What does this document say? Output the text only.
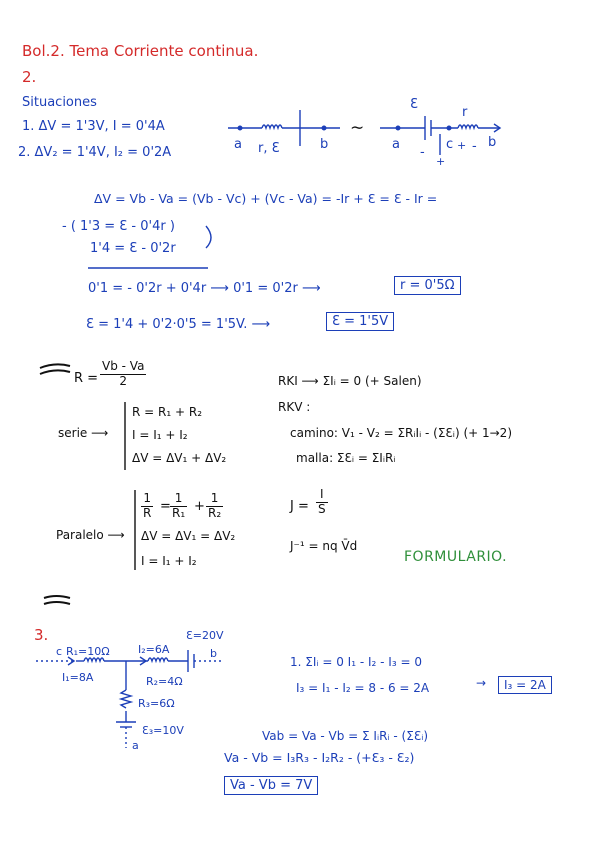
Bol.2. Tema Corriente continua.
2.
Situaciones
1. ΔV = 1'3V, I = 0'4A
2. ΔV₂ = 1'4V, I₂ = 0'2A
a r, Ɛ	b
∼
Ɛ
r
a
-
+
c + - b
ΔV = Vb - Va = (Vb - Vc) + (Vc - Va) = -Ir + Ɛ = Ɛ - Ir =
- ( 1'3 = Ɛ - 0'4r )
1'4 = Ɛ - 0'2r
0'1 = - 0'2r + 0'4r ⟶ 0'1 = 0'2r ⟶	r = 0'5Ω
Ɛ = 1'4 + 0'2·0'5 = 1'5V. ⟶	Ɛ = 1'5V
$R = \frac{Vb - Va}{2}$
serie ⟶
R = R₁ + R₂
I = I₁ + I₂
ΔV = ΔV₁ + ΔV₂
Paralelo ⟶
$\frac{1}{R} = \frac{1}{\text{R₁}} + \frac{1}{\text{R₂}}$
ΔV = ΔV₁ = ΔV₂
I = I₁ + I₂
RKI ⟶ ΣIᵢ = 0 (+ Salen)
RKV :
camino: V₁ - V₂ = ΣRᵢIᵢ - (ΣƐᵢ) (+ 1→2)
malla: ΣƐᵢ = ΣIᵢRᵢ
$J = \frac{I}{S}$
J⁻¹ = nq V̄d
FORMULARIO.
3.
c R₁=10Ω	I₂=6A
Ɛ=20V
b
I₁=8A	R₂=4Ω
R₃=6Ω
Ɛ₃=10V
a
1. ΣIᵢ = 0 I₁ - I₂ - I₃ = 0
I₃ = I₁ - I₂ = 8 - 6 = 2A	→	I₃ = 2A
Vab = Va - Vb = Σ IᵢRᵢ - (ΣƐᵢ)
Va - Vb = I₃R₃ - I₂R₂ - (+Ɛ₃ - Ɛ₂)
Va - Vb = 7V
